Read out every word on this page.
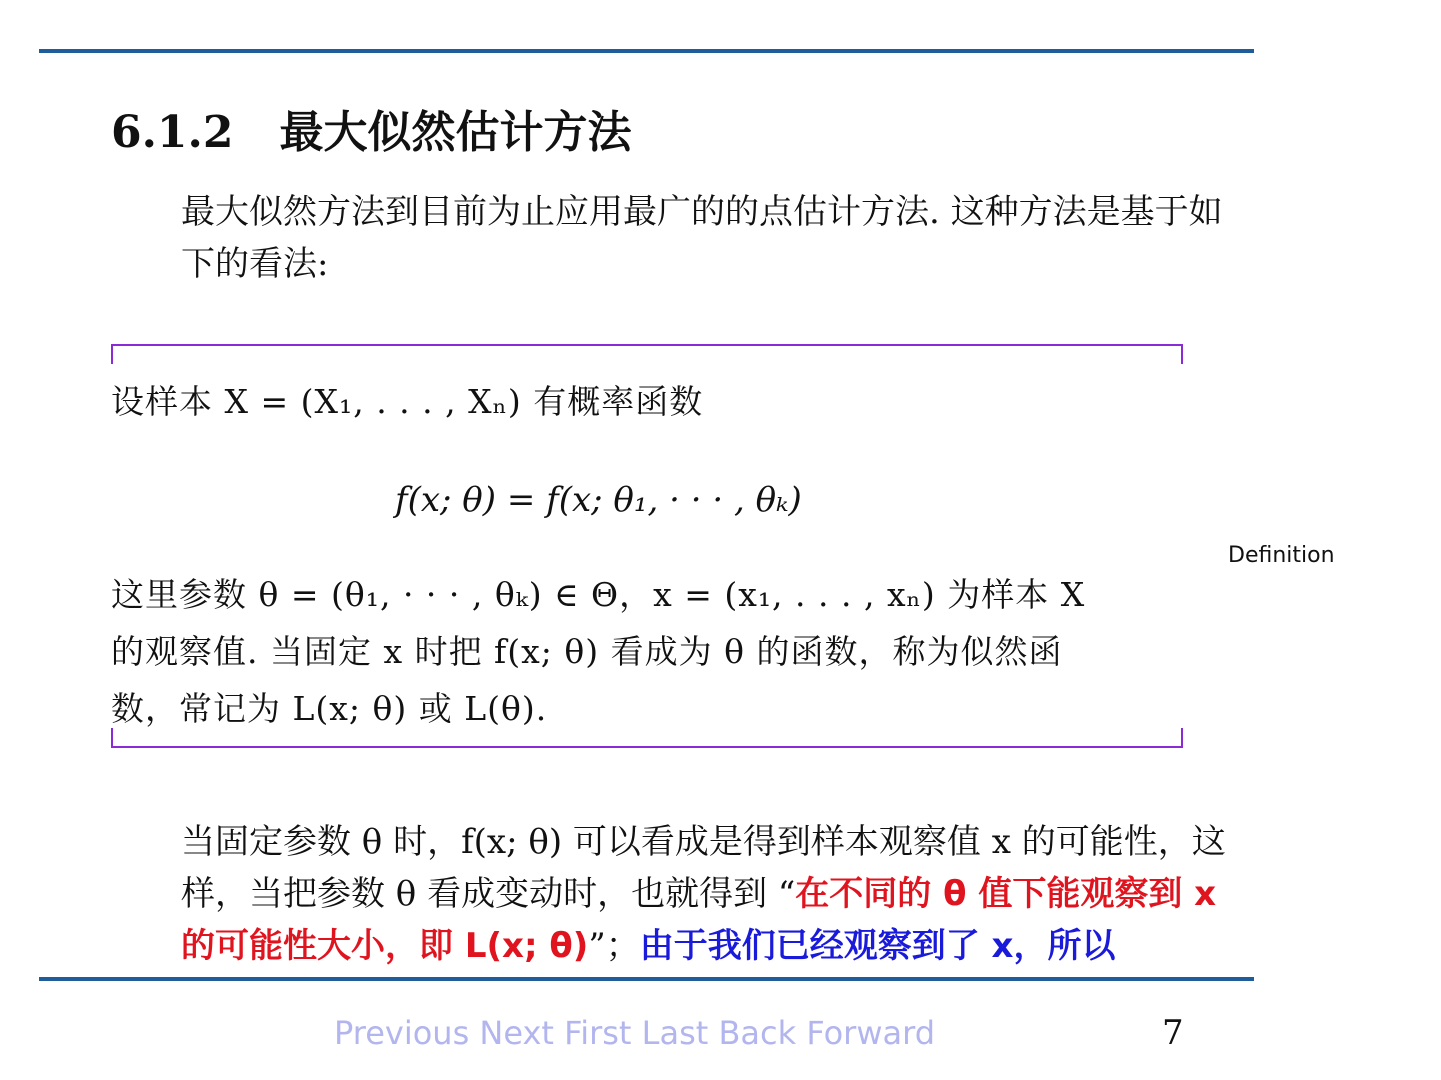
6.1.2 最大似然估计方法

最大似然方法到目前为止应用最广的的点估计方法. 这种方法是基于如下的看法:

设样本 X = (X₁, . . . , Xₙ) 有概率函数
f(x; θ) = f(x; θ₁, · · · , θₖ)

这里参数 θ = (θ₁, · · · , θₖ) ∈ Θ，x = (x₁, . . . , xₙ) 为样本 X 的观察值. 当固定 x 时把 f(x; θ) 看成为 θ 的函数，称为似然函数，常记为 L(x; θ) 或 L(θ).

Definition

当固定参数 θ 时，f(x; θ) 可以看成是得到样本观察值 x 的可能性，这样，当把参数 θ 看成变动时，也就得到 “在不同的 θ 值下能观察到 x 的可能性大小，即 L(x; θ)”；由于我们已经观察到了 x，所以

Previous Next First Last Back Forward	7
